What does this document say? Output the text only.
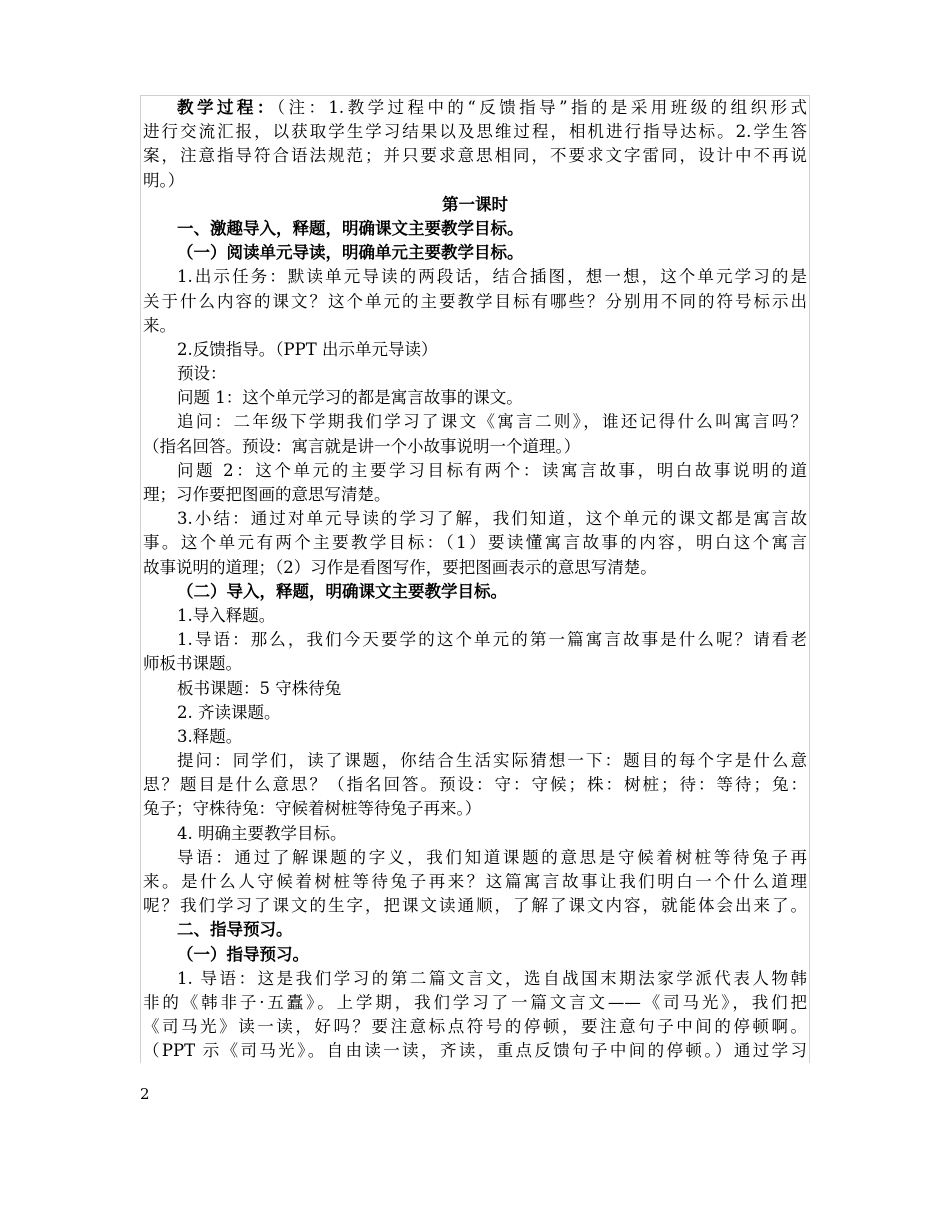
教学过程：（注：1.教学过程中的“反馈指导”指的是采用班级的组织形式
进行交流汇报，以获取学生学习结果以及思维过程，相机进行指导达标。2.学生答
案，注意指导符合语法规范；并只要求意思相同，不要求文字雷同，设计中不再说
明。）
第一课时
一、激趣导入，释题，明确课文主要教学目标。
（一）阅读单元导读，明确单元主要教学目标。
1.出示任务：默读单元导读的两段话，结合插图，想一想，这个单元学习的是
关于什么内容的课文？这个单元的主要教学目标有哪些？分别用不同的符号标示出
来。
2.反馈指导。（PPT 出示单元导读）
预设：
问题 1：这个单元学习的都是寓言故事的课文。
追问：二年级下学期我们学习了课文《寓言二则》，谁还记得什么叫寓言吗？
（指名回答。预设：寓言就是讲一个小故事说明一个道理。）
问题 2：这个单元的主要学习目标有两个：读寓言故事，明白故事说明的道
理；习作要把图画的意思写清楚。
3.小结：通过对单元导读的学习了解，我们知道，这个单元的课文都是寓言故
事。这个单元有两个主要教学目标：（1）要读懂寓言故事的内容，明白这个寓言
故事说明的道理；（2）习作是看图写作，要把图画表示的意思写清楚。
（二）导入，释题，明确课文主要教学目标。
1.导入释题。
1.导语：那么，我们今天要学的这个单元的第一篇寓言故事是什么呢？请看老
师板书课题。
板书课题：5 守株待兔
2. 齐读课题。
3.释题。
提问：同学们，读了课题，你结合生活实际猜想一下：题目的每个字是什么意
思？题目是什么意思？（指名回答。预设：守：守候；株：树桩；待：等待；兔：
兔子；守株待兔：守候着树桩等待兔子再来。）
4. 明确主要教学目标。
导语：通过了解课题的字义，我们知道课题的意思是守候着树桩等待兔子再
来。是什么人守候着树桩等待兔子再来？这篇寓言故事让我们明白一个什么道理
呢？我们学习了课文的生字，把课文读通顺，了解了课文内容，就能体会出来了。
二、指导预习。
（一）指导预习。
1. 导语：这是我们学习的第二篇文言文，选自战国末期法家学派代表人物韩
非的《韩非子·五蠹》。上学期，我们学习了一篇文言文——《司马光》，我们把
《司马光》读一读，好吗？要注意标点符号的停顿，要注意句子中间的停顿啊。
（PPT 示《司马光》。自由读一读，齐读，重点反馈句子中间的停顿。）通过学习
2
